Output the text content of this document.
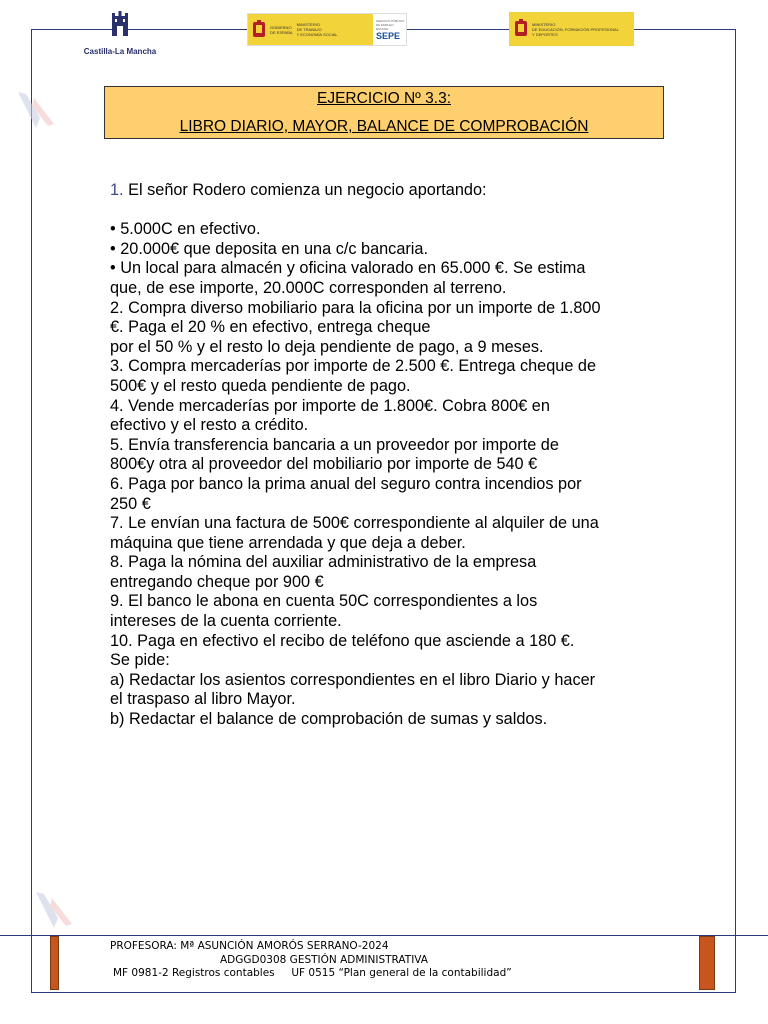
Castilla-La Mancha
GOBIERNO
DE ESPAÑA
MINISTERIO
DE TRABAJO
Y ECONOMÍA SOCIAL
SERVICIO PÚBLICO
DE EMPLEO ESTATAL
SEPE
MINISTERIO
DE EDUCACIÓN, FORMACIÓN PROFESIONAL
Y DEPORTES
EJERCICIO Nº 3.3:
LIBRO DIARIO, MAYOR, BALANCE DE COMPROBACIÓN

1. El señor Rodero comienza un negocio aportando:

• 5.000C en efectivo.

• 20.000€ que deposita en una c/c bancaria.

• Un local para almacén y oficina valorado en 65.000 €. Se estima

que, de ese importe, 20.000C corresponden al terreno.

2. Compra diverso mobiliario para la oficina por un importe de 1.800

€. Paga el 20 % en efectivo, entrega cheque

por el 50 % y el resto lo deja pendiente de pago, a 9 meses.

3. Compra mercaderías por importe de 2.500 €. Entrega cheque de

500€ y el resto queda pendiente de pago.

4. Vende mercaderías por importe de 1.800€. Cobra 800€ en

efectivo y el resto a crédito.

5. Envía transferencia bancaria a un proveedor por importe de

800€y otra al proveedor del mobiliario por importe de 540 €

6. Paga por banco la prima anual del seguro contra incendios por

250 €

7. Le envían una factura de 500€ correspondiente al alquiler de una

máquina que tiene arrendada y que deja a deber.

8. Paga la nómina del auxiliar administrativo de la empresa

entregando cheque por 900 €

9. El banco le abona en cuenta 50C correspondientes a los

intereses de la cuenta corriente.

10. Paga en efectivo el recibo de teléfono que asciende a 180 €.

Se pide:

a) Redactar los asientos correspondientes en el libro Diario y hacer

el traspaso al libro Mayor.

b) Redactar el balance de comprobación de sumas y saldos.

PROFESORA: Mª ASUNCIÓN AMORÓS SERRANO-2024
ADGGD0308 GESTIÓN ADMINISTRATIVA
MF 0981-2 Registros contables     UF 0515 “Plan general de la contabilidad”
